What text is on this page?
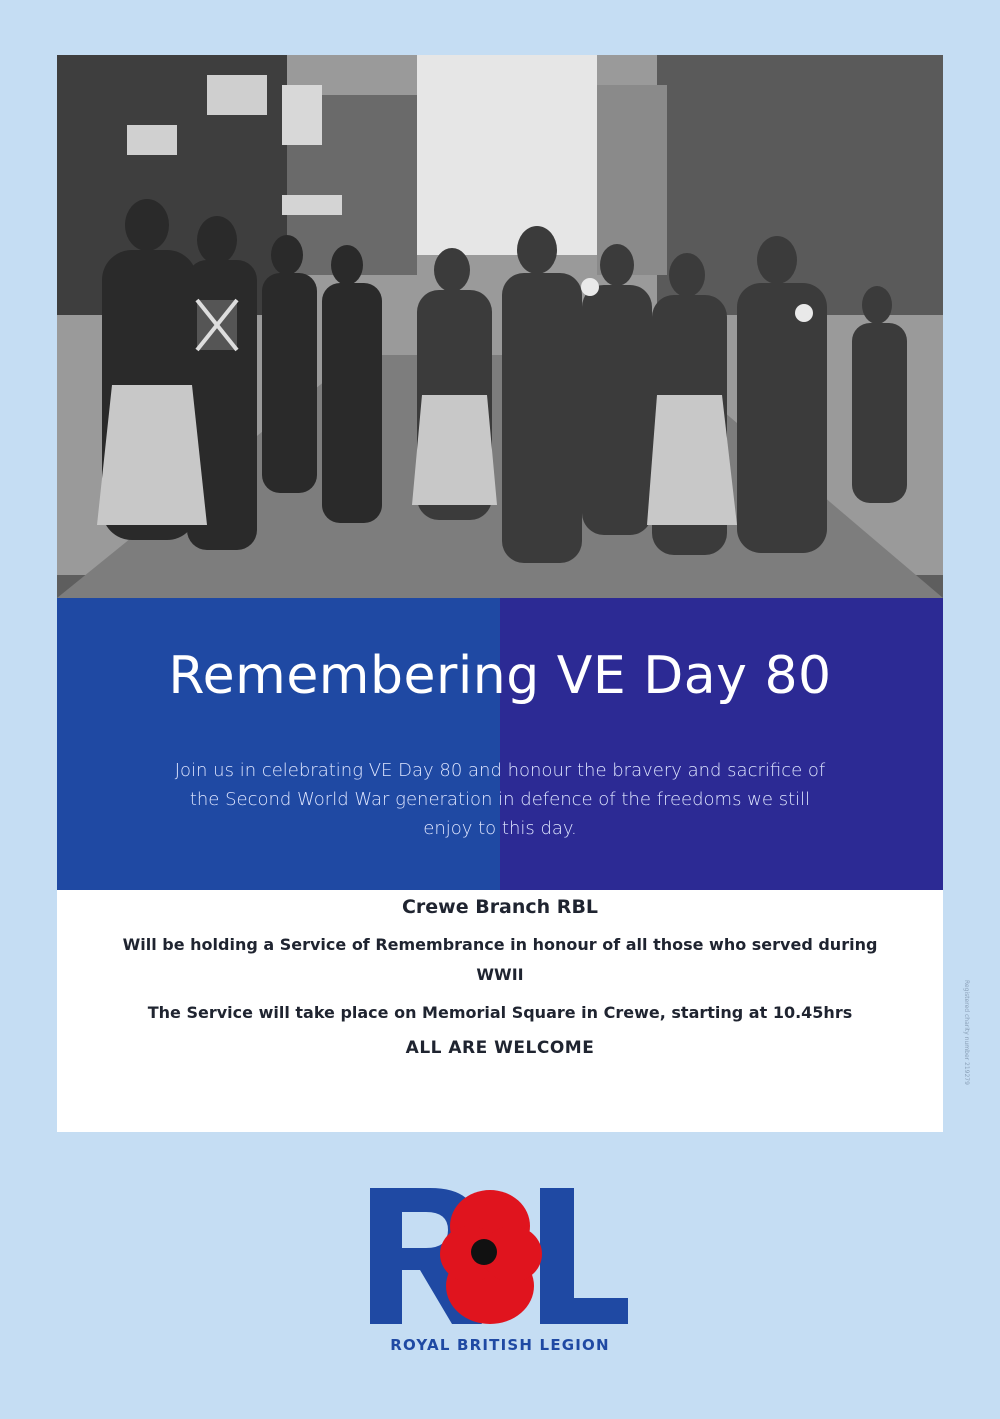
Remembering VE Day 80

Join us in celebrating VE Day 80 and honour the bravery and sacrifice of the Second World War generation in defence of the freedoms we still enjoy to this day.

Crewe Branch RBL
Will be holding a Service of Remembrance in honour of all those who served during WWII
The Service will take place on Memorial Square in Crewe, starting at 10.45hrs
ALL ARE WELCOME	Registered charity number 219279
ROYAL BRITISH LEGION
